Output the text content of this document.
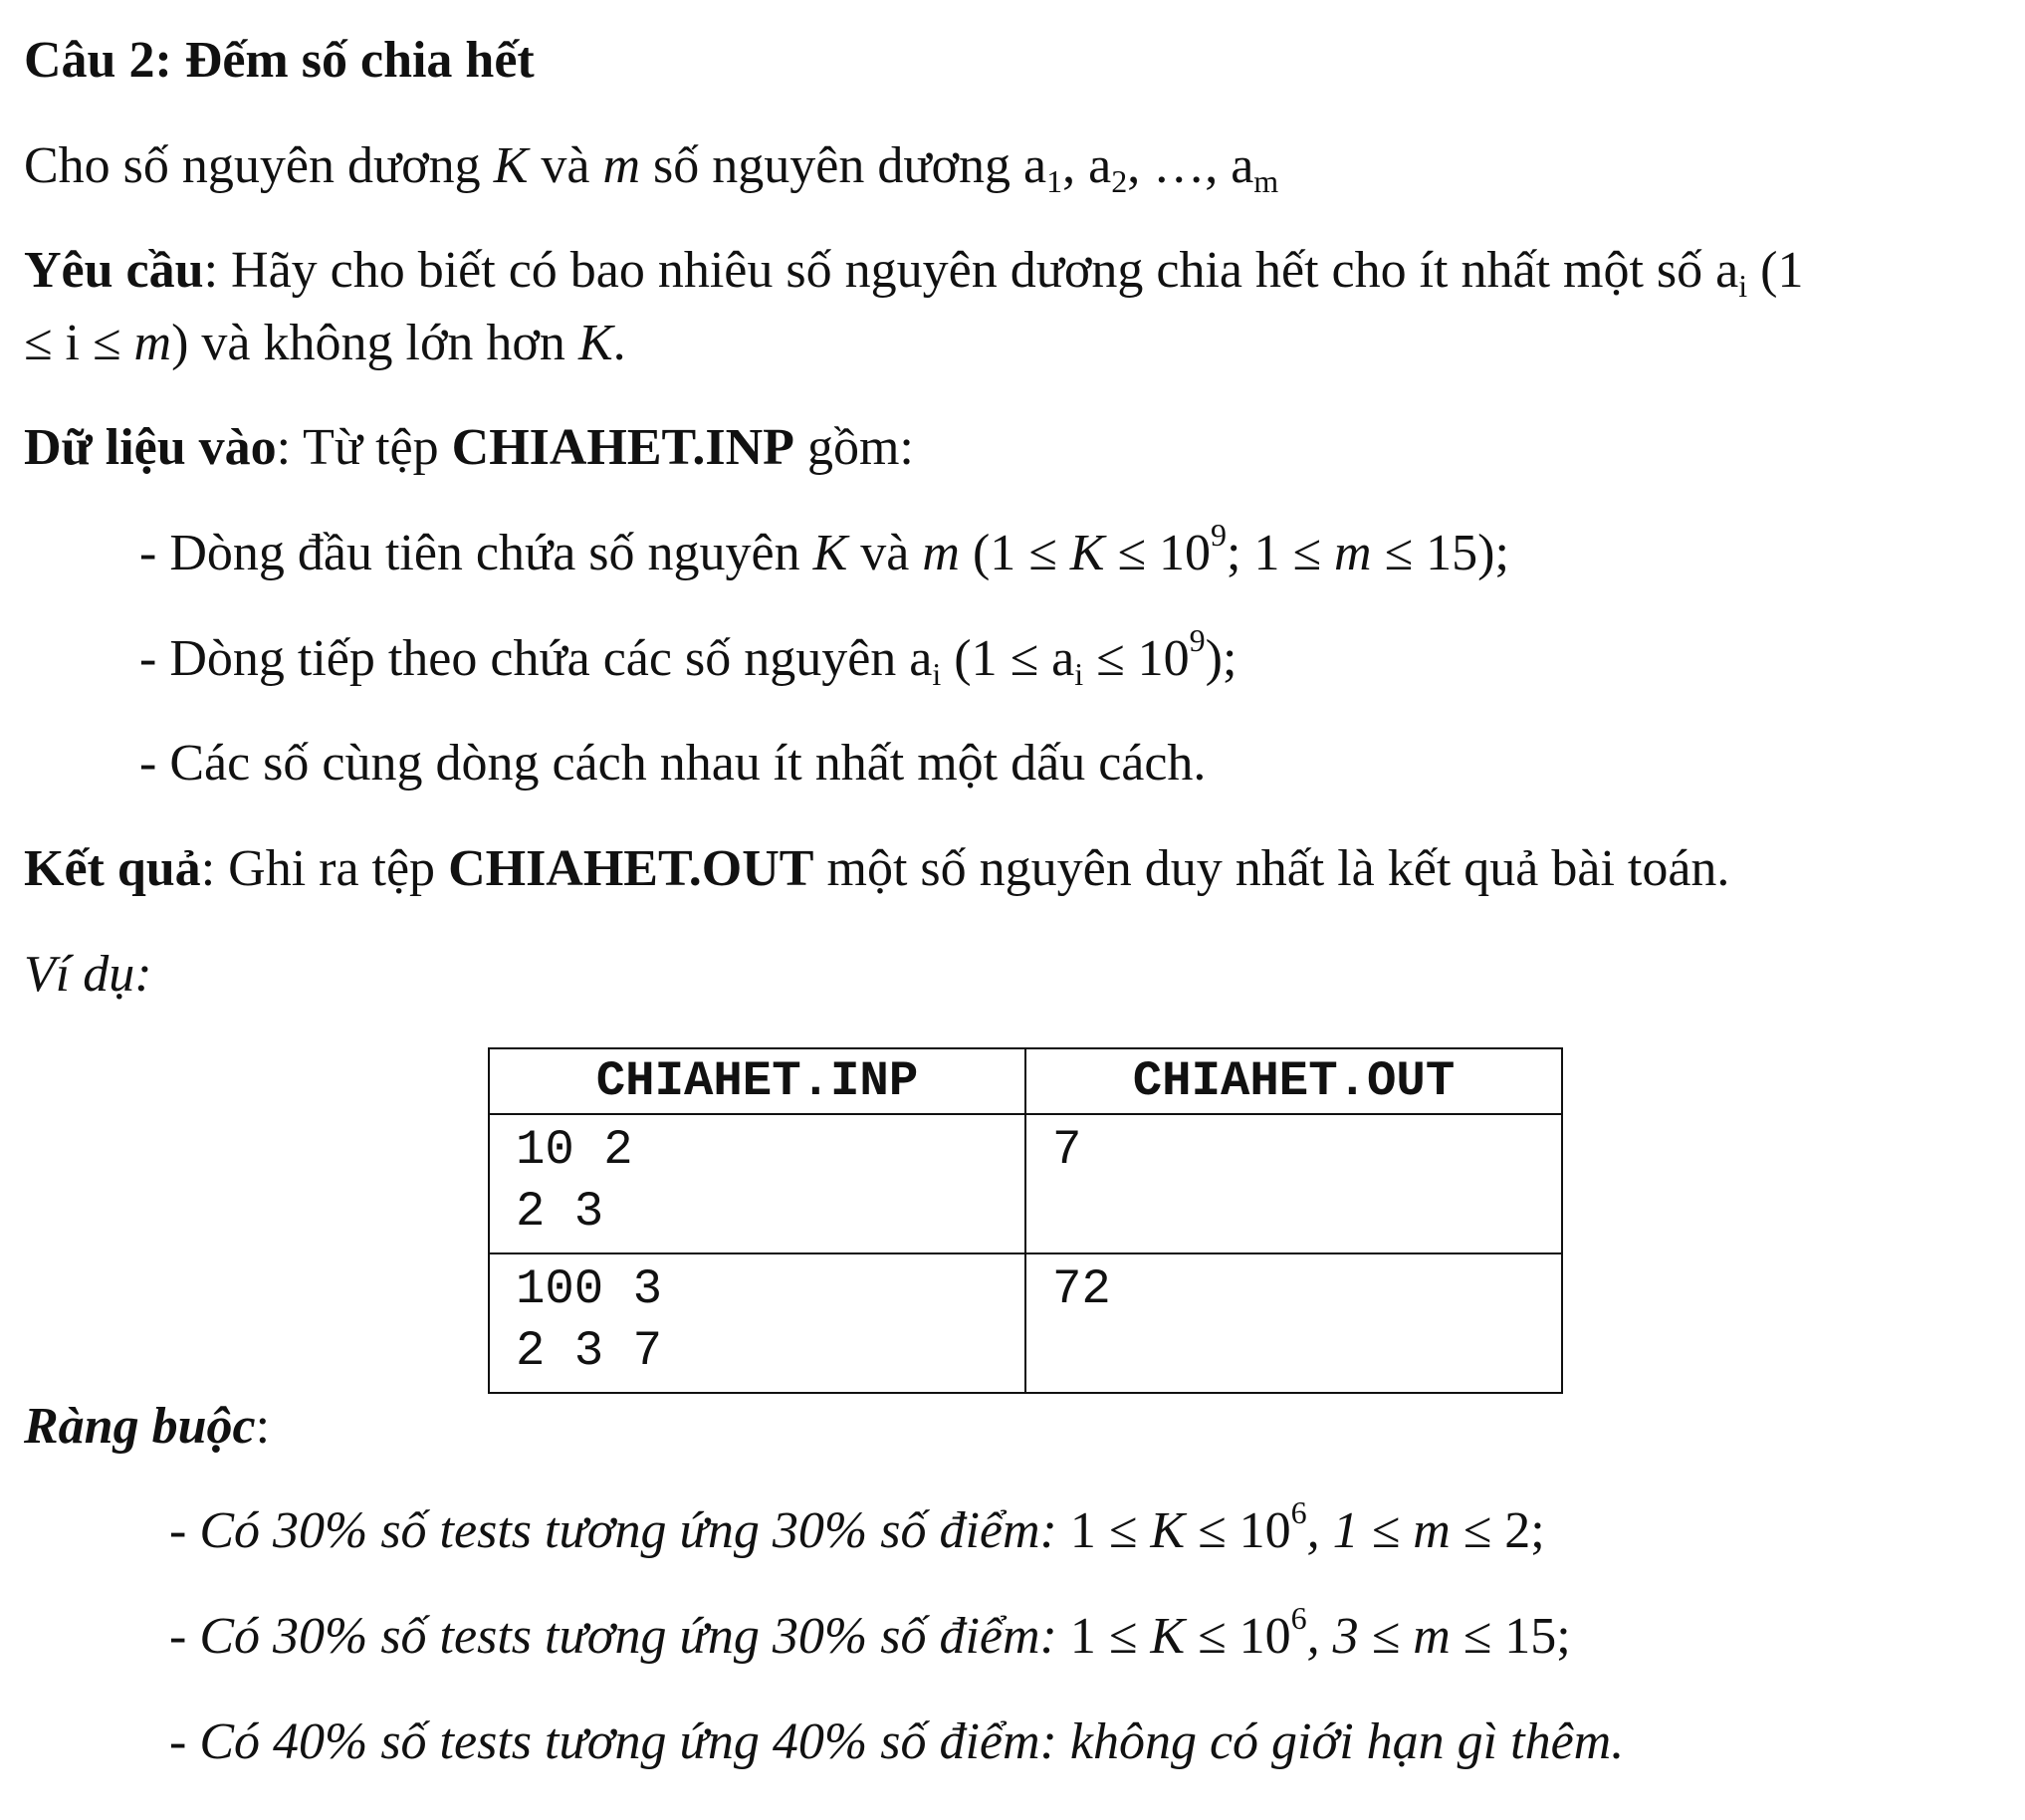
Câu 2: Đếm số chia hết
Cho số nguyên dương K và m số nguyên dương $a_1$, $a_2$, …, $a_m$
Yêu cầu: Hãy cho biết có bao nhiêu số nguyên dương chia hết cho ít nhất một số $a_i$ (1
≤ i ≤ m) và không lớn hơn K.
Dữ liệu vào: Từ tệp CHIAHET.INP gồm:
- Dòng đầu tiên chứa số nguyên K và m ($1 \le K \le 10^9$; 1 ≤ m ≤ 15);
- Dòng tiếp theo chứa các số nguyên $a_i$ $(1 \le a_i \le 10^9)$;
- Các số cùng dòng cách nhau ít nhất một dấu cách.
Kết quả: Ghi ra tệp CHIAHET.OUT một số nguyên duy nhất là kết quả bài toán.
Ví dụ:
CHIAHET.INP	CHIAHET.OUT

10 2
2 3	7

100 3
2 3 7	72
Ràng buộc:
- Có 30% số tests tương ứng 30% số điểm: $1 \le K \le 10^6$, 1 ≤ m ≤ 2;
- Có 30% số tests tương ứng 30% số điểm: $1 \le K \le 10^6$, 3 ≤ m ≤ 15;
- Có 40% số tests tương ứng 40% số điểm: không có giới hạn gì thêm.
